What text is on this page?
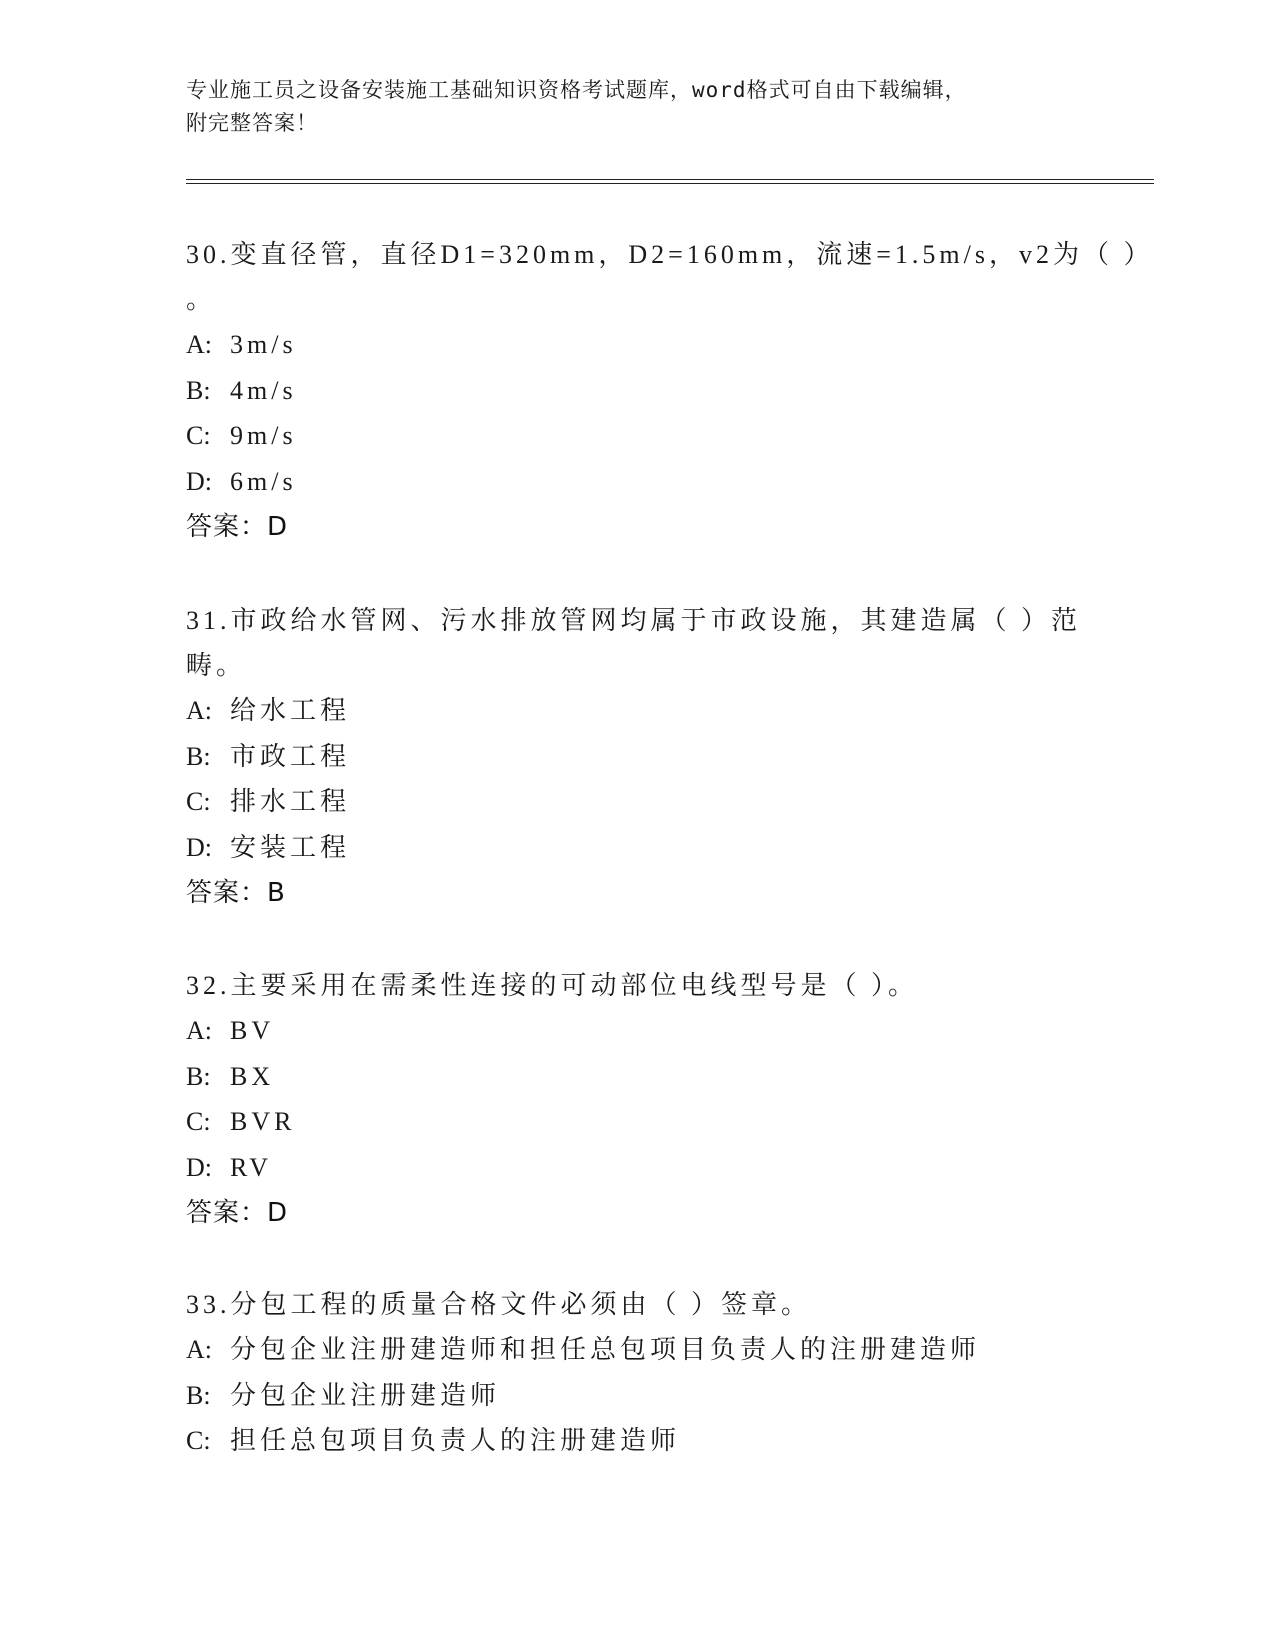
专业施工员之设备安装施工基础知识资格考试题库，word格式可自由下载编辑，
附完整答案！
30.变直径管，直径D1=320mm，D2=160mm，流速=1.5m/s，v2为（ ）
。
A: 3m/s
B: 4m/s
C: 9m/s
D: 6m/s
答案：D
31.市政给水管网、污水排放管网均属于市政设施，其建造属（ ）范
畴。
A: 给水工程
B: 市政工程
C: 排水工程
D: 安装工程
答案：B
32.主要采用在需柔性连接的可动部位电线型号是（ ）。
A: BV
B: BX
C: BVR
D: RV
答案：D
33.分包工程的质量合格文件必须由（ ）签章。
A: 分包企业注册建造师和担任总包项目负责人的注册建造师
B: 分包企业注册建造师
C: 担任总包项目负责人的注册建造师
